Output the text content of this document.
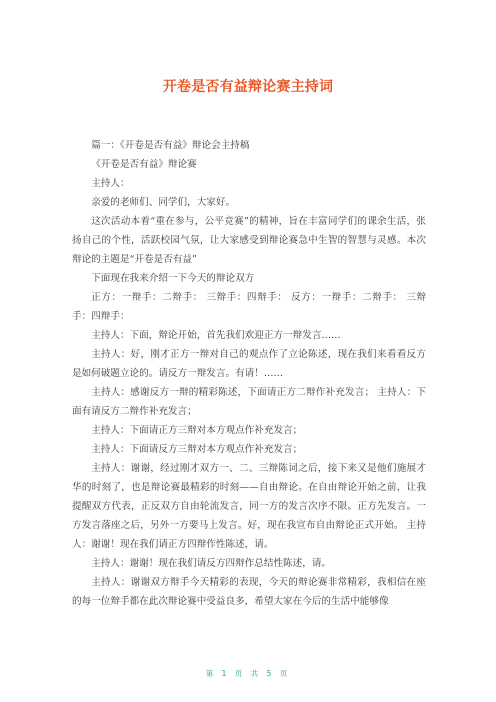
开卷是否有益辩论赛主持词

篇一：《开卷是否有益》辩论会主持稿

《开卷是否有益》辩论赛

主持人：

亲爱的老师们、同学们，大家好。

这次活动本着“重在参与，公平竞赛”的精神，旨在丰富同学们的课余生活，张扬自己的个性，活跃校园气氛，让大家感受到辩论赛急中生智的智慧与灵感。本次辩论的主题是“开卷是否有益”

下面现在我来介绍一下今天的辩论双方

正方：一辩手：二辩手： 三辩手：四辩手： 反方：一辩手：二辩手： 三辩手：四辩手：

主持人：下面，辩论开始，首先我们欢迎正方一辩发言……

主持人：好，刚才正方一辩对自己的观点作了立论陈述，现在我们来看看反方是如何破题立论的。请反方一辩发言。有请！……

主持人：感谢反方一辩的精彩陈述，下面请正方二辩作补充发言； 主持人：下面有请反方二辩作补充发言；

主持人：下面请正方三辩对本方观点作补充发言；

主持人：下面请反方三辩对本方观点作补充发言；

主持人：谢谢，经过刚才双方一、二、三辩陈词之后，接下来又是他们施展才华的时刻了，也是辩论赛最精彩的时刻——自由辩论。在自由辩论开始之前，让我提醒双方代表，正反双方自由轮流发言，同一方的发言次序不限。正方先发言。一方发言落座之后，另外一方要马上发言。好，现在我宣布自由辩论正式开始。 主持人：谢谢！现在我们请正方四辩作性陈述，请。

主持人：谢谢！现在我们请反方四辩作总结性陈述，请。

主持人：谢谢双方辩手今天精彩的表现，今天的辩论赛非常精彩，我相信在座的每一位辩手都在此次辩论赛中受益良多，希望大家在今后的生活中能够像

第 1 页 共 5 页
